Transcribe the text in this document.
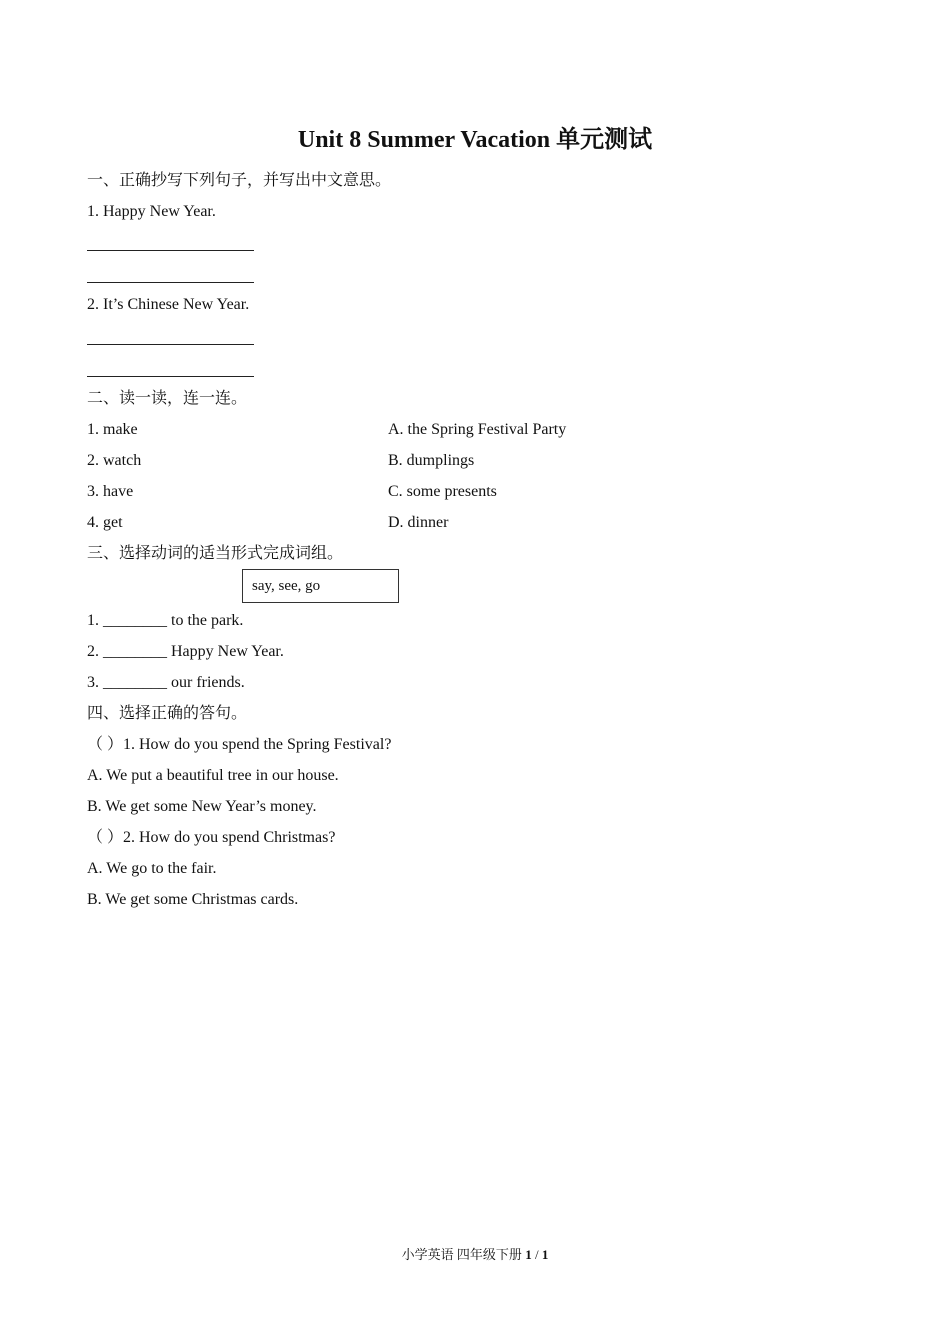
Unit 8 Summer Vacation 单元测试
一、正确抄写下列句子，并写出中文意思。
1. Happy New Year.
2. It’s Chinese New Year.
二、读一读，连一连。
1. make	A. the Spring Festival Party
2. watch	B. dumplings
3. have	C. some presents
4. get	D. dinner
三、选择动词的适当形式完成词组。
say, see, go
1. ________ to the park.
2. ________ Happy New Year.
3. ________ our friends.
四、选择正确的答句。
（ ）1. How do you spend the Spring Festival?
A. We put a beautiful tree in our house.
B. We get some New Year’s money.
（ ）2. How do you spend Christmas?
A. We go to the fair.
B. We get some Christmas cards.
小学英语 四年级下册 1 / 1
